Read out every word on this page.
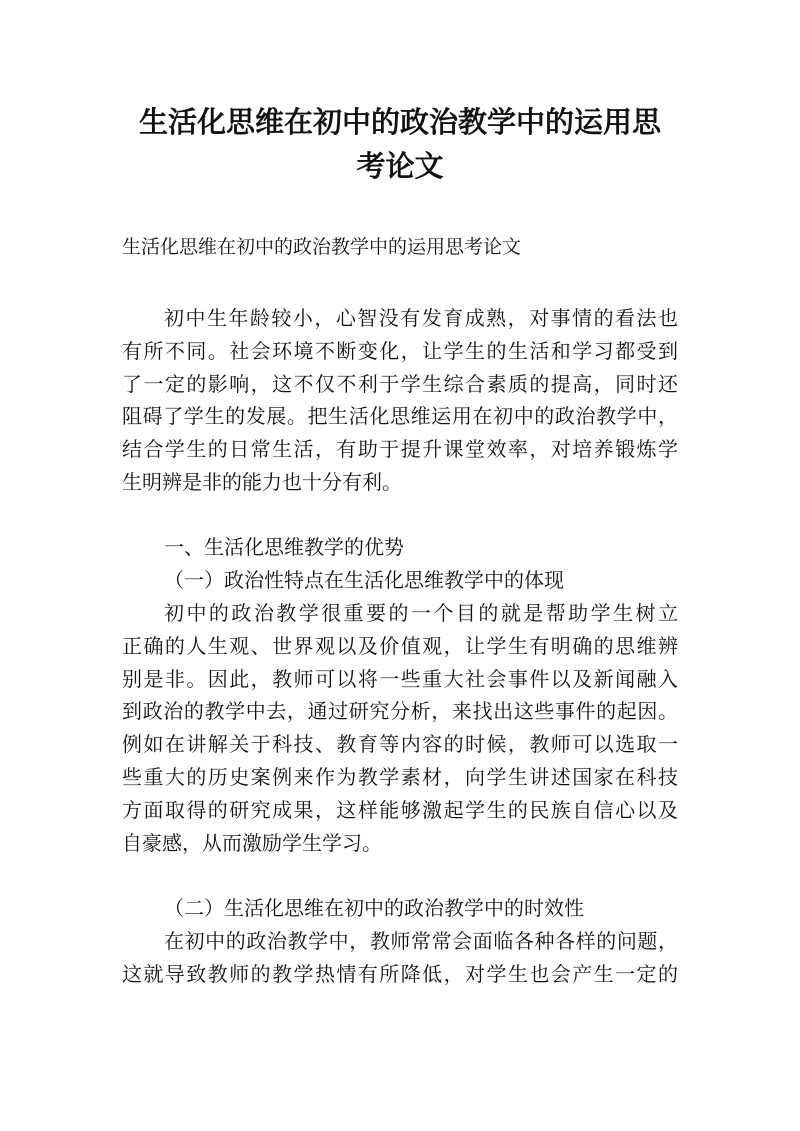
生活化思维在初中的政治教学中的运用思
考论文
生活化思维在初中的政治教学中的运用思考论文
初中生年龄较小，心智没有发育成熟，对事情的看法也
有所不同。社会环境不断变化，让学生的生活和学习都受到
了一定的影响，这不仅不利于学生综合素质的提高，同时还
阻碍了学生的发展。把生活化思维运用在初中的政治教学中，
结合学生的日常生活，有助于提升课堂效率，对培养锻炼学
生明辨是非的能力也十分有利。
一、生活化思维教学的优势
（一）政治性特点在生活化思维教学中的体现
初中的政治教学很重要的一个目的就是帮助学生树立
正确的人生观、世界观以及价值观，让学生有明确的思维辨
别是非。因此，教师可以将一些重大社会事件以及新闻融入
到政治的教学中去，通过研究分析，来找出这些事件的起因。
例如在讲解关于科技、教育等内容的时候，教师可以选取一
些重大的历史案例来作为教学素材，向学生讲述国家在科技
方面取得的研究成果，这样能够激起学生的民族自信心以及
自豪感，从而激励学生学习。
（二）生活化思维在初中的政治教学中的时效性
在初中的政治教学中，教师常常会面临各种各样的问题，
这就导致教师的教学热情有所降低，对学生也会产生一定的
